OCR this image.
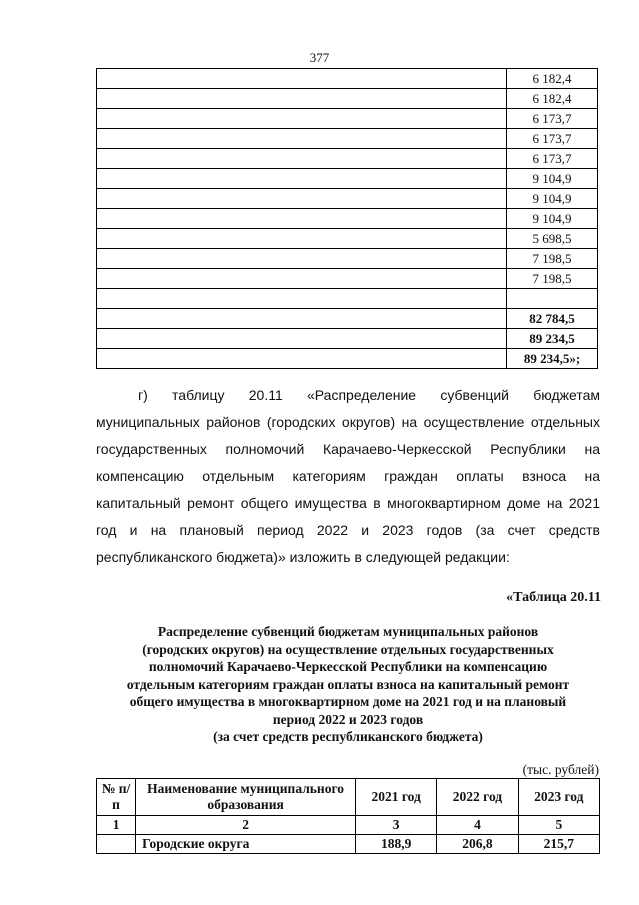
377
	6 182,4
	6 182,4
	6 173,7
	6 173,7
	6 173,7
	9 104,9
	9 104,9
	9 104,9
	5 698,5
	7 198,5
	7 198,5

	82 784,5
	89 234,5
	89 234,5»;

г) таблицу 20.11 «Распределение субвенций бюджетам муниципальных районов (городских округов) на осуществление отдельных государственных полномочий Карачаево-Черкесской Республики на компенсацию отдельным категориям граждан оплаты взноса на капитальный ремонт общего имущества в многоквартирном доме на 2021 год и на плановый период 2022 и 2023 годов (за счет средств республиканского бюджета)» изложить в следующей редакции:

«Таблица 20.11
Распределение субвенций бюджетам муниципальных районов
(городских округов) на осуществление отдельных государственных
полномочий Карачаево-Черкесской Республики на компенсацию
отдельным категориям граждан оплаты взноса на капитальный ремонт
общего имущества в многоквартирном доме на 2021 год и на плановый
период 2022 и 2023 годов
(за счет средств республиканского бюджета)
(тыс. рублей)
№ п/п	Наименование муниципального образования	2021 год	2022 год	2023 год
1	2	3	4	5
	Городские округа	188,9	206,8	215,7
